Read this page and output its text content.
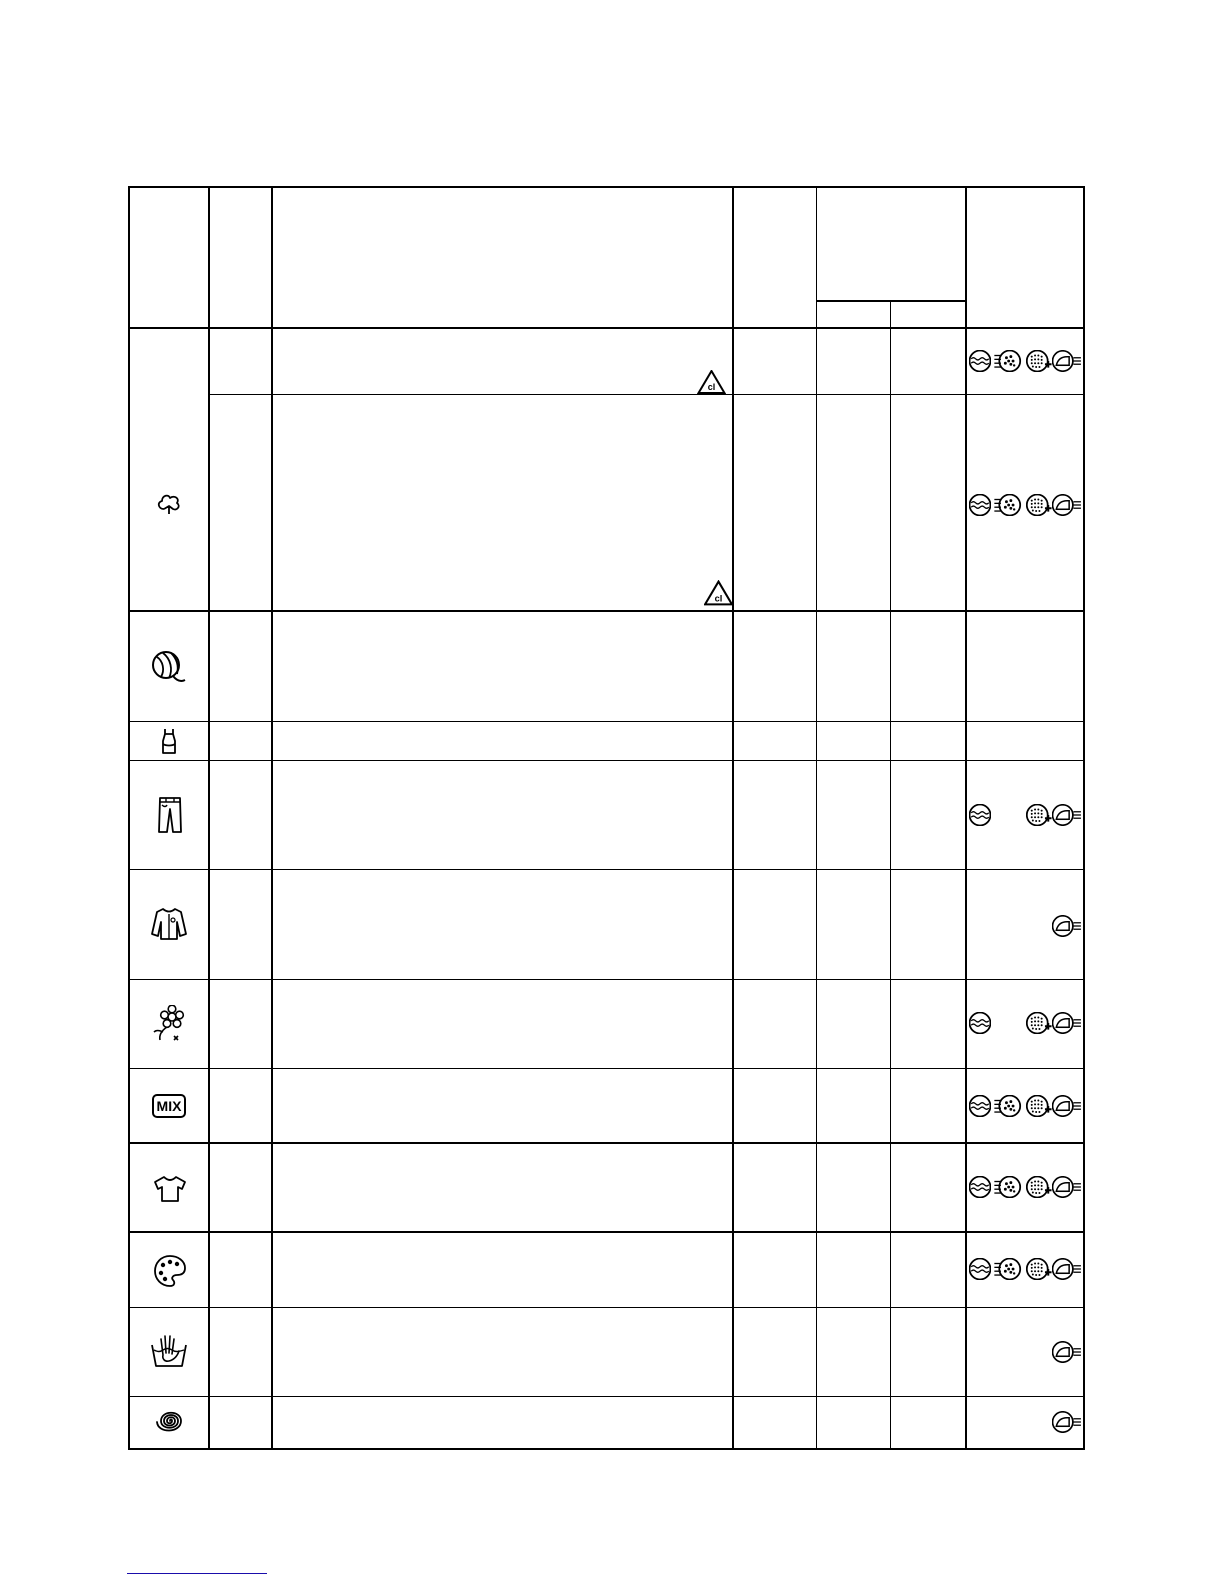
MIX
